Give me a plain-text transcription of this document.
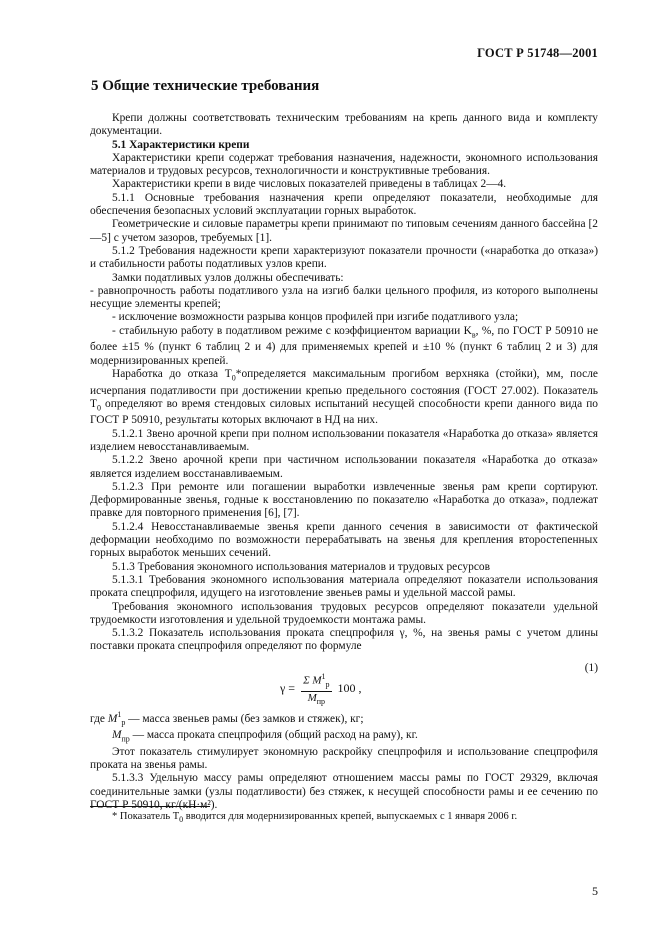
ГОСТ Р 51748—2001
5 Общие технические требования

Крепи должны соответствовать техническим требованиям на крепь данного вида и комплекту документации.

5.1 Характеристики крепи

Характеристики крепи содержат требования назначения, надежности, экономного использования материалов и трудовых ресурсов, технологичности и конструктивные требования.

Характеристики крепи в виде числовых показателей приведены в таблицах 2—4.

5.1.1 Основные требования назначения крепи определяют показатели, необходимые для обеспечения безопасных условий эксплуатации горных выработок.

Геометрические и силовые параметры крепи принимают по типовым сечениям данного бассейна [2—5] с учетом зазоров, требуемых [1].

5.1.2 Требования надежности крепи характеризуют показатели прочности («наработка до отказа») и стабильности работы податливых узлов крепи.

Замки податливых узлов должны обеспечивать:

- равнопрочность работы податливого узла на изгиб балки цельного профиля, из которого выполнены несущие элементы крепей;

- исключение возможности разрыва концов профилей при изгибе податливого узла;

- стабильную работу в податливом режиме с коэффициентом вариации $K_в$, %, по ГОСТ Р 50910 не более ±15 % (пункт 6 таблиц 2 и 4) для применяемых крепей и ±10 % (пункт 6 таблиц 2 и 3) для модернизированных крепей.

Наработка до отказа $T_0*определяется$ максимальным прогибом верхняка (стойки), мм, после исчерпания податливости при достижении крепью предельного состояния (ГОСТ 27.002). Показатель $T_0$ определяют во время стендовых силовых испытаний несущей способности крепи данного вида по ГОСТ Р 50910, результаты которых включают в НД на них.

5.1.2.1 Звено арочной крепи при полном использовании показателя «Наработка до отказа» является изделием невосстанавливаемым.

5.1.2.2 Звено арочной крепи при частичном использовании показателя «Наработка до отказа» является изделием восстанавливаемым.

5.1.2.3 При ремонте или погашении выработки извлеченные звенья рам крепи сортируют. Деформированные звенья, годные к восстановлению по показателю «Наработка до отказа», подлежат правке для повторного применения [6], [7].

5.1.2.4 Невосстанавливаемые звенья крепи данного сечения в зависимости от фактической деформации необходимо по возможности перерабатывать на звенья для крепления второстепенных горных выработок меньших сечений.

5.1.3 Требования экономного использования материалов и трудовых ресурсов

5.1.3.1 Требования экономного использования материала определяют показатели использования проката спецпрофиля, идущего на изготовление звеньев рамы и удельной массой рамы.

Требования экономного использования трудовых ресурсов определяют показатели удельной трудоемкости изготовления и удельной трудоемкости монтажа рамы.

5.1.3.2 Показатель использования проката спецпрофиля γ, %, на звенья рамы с учетом длины поставки проката спецпрофиля определяют по формуле

$\gamma = \frac{\Sigma M^1_р}{M_{пр}} 100$ ,
(1)

где $M^1_р$ — масса звеньев рамы (без замков и стяжек), кг;

$M_{пр}$ — масса проката спецпрофиля (общий расход на раму), кг.

Этот показатель стимулирует экономную раскройку спецпрофиля и использование спецпрофиля проката на звенья рамы.

5.1.3.3 Удельную массу рамы определяют отношением массы рамы по ГОСТ 29329, включая соединительные замки (узлы податливости) без стяжек, к несущей способности рамы и ее сечению по ГОСТ Р 50910, кг/(кН·м²).

* Показатель $T_0$ вводится для модернизированных крепей, выпускаемых с 1 января 2006 г.
5
